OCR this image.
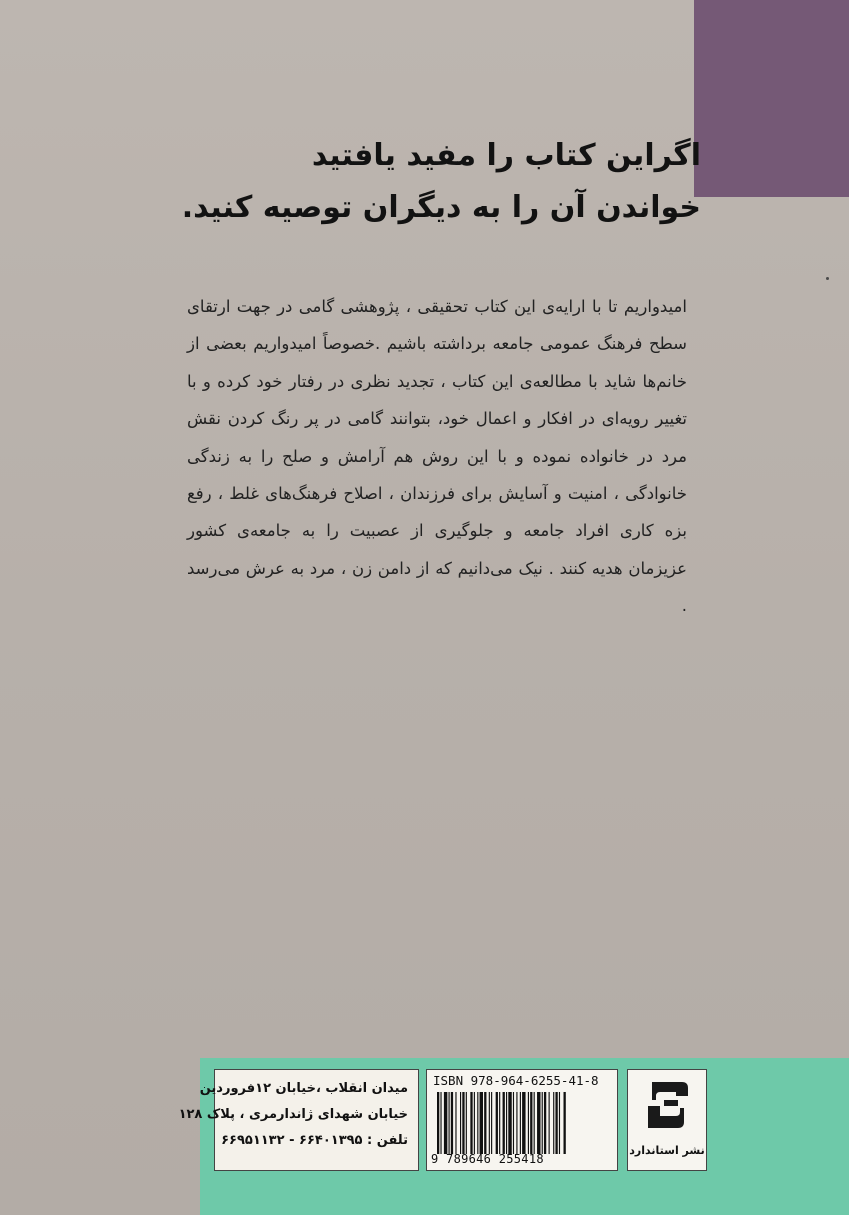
اگراین کتاب را مفید یافتید
خواندن آن را به دیگران توصیه کنید.
امیدواریم تا با ارایه‌ی این کتاب تحقیقی ، پژوهشی گامی در جهت ارتقای سطح فرهنگ عمومی جامعه برداشته باشیم .خصوصاً امیدواریم بعضی از خانم‌ها شاید با مطالعه‌ی این کتاب ، تجدید نظری در رفتار خود کرده و با تغییر رویه‌ای در افکار و اعمال خود، بتوانند گامی در پر رنگ کردن نقش مرد در خانواده نموده و با این روش هم آرامش و صلح را به زندگی خانوادگی ، امنیت و آسایش برای فرزندان ، اصلاح فرهنگ‌های غلط ، رفع بزه کاری افراد جامعه و جلوگیری از عصبیت را به جامعه‌ی کشور عزیزمان هدیه کنند . نیک می‌دانیم که از دامن زن ، مرد به عرش می‌رسد .
میدان انقلاب ،خیابان ۱۲فروردین
خیابان شهدای ژاندارمری ، پلاک ۱۲۸
تلفن : ۶۶۴۰۱۳۹۵ - ۶۶۹۵۱۱۳۲
ISBN 978-964-6255-41-8
9 789646 255418
نشر استاندارد
